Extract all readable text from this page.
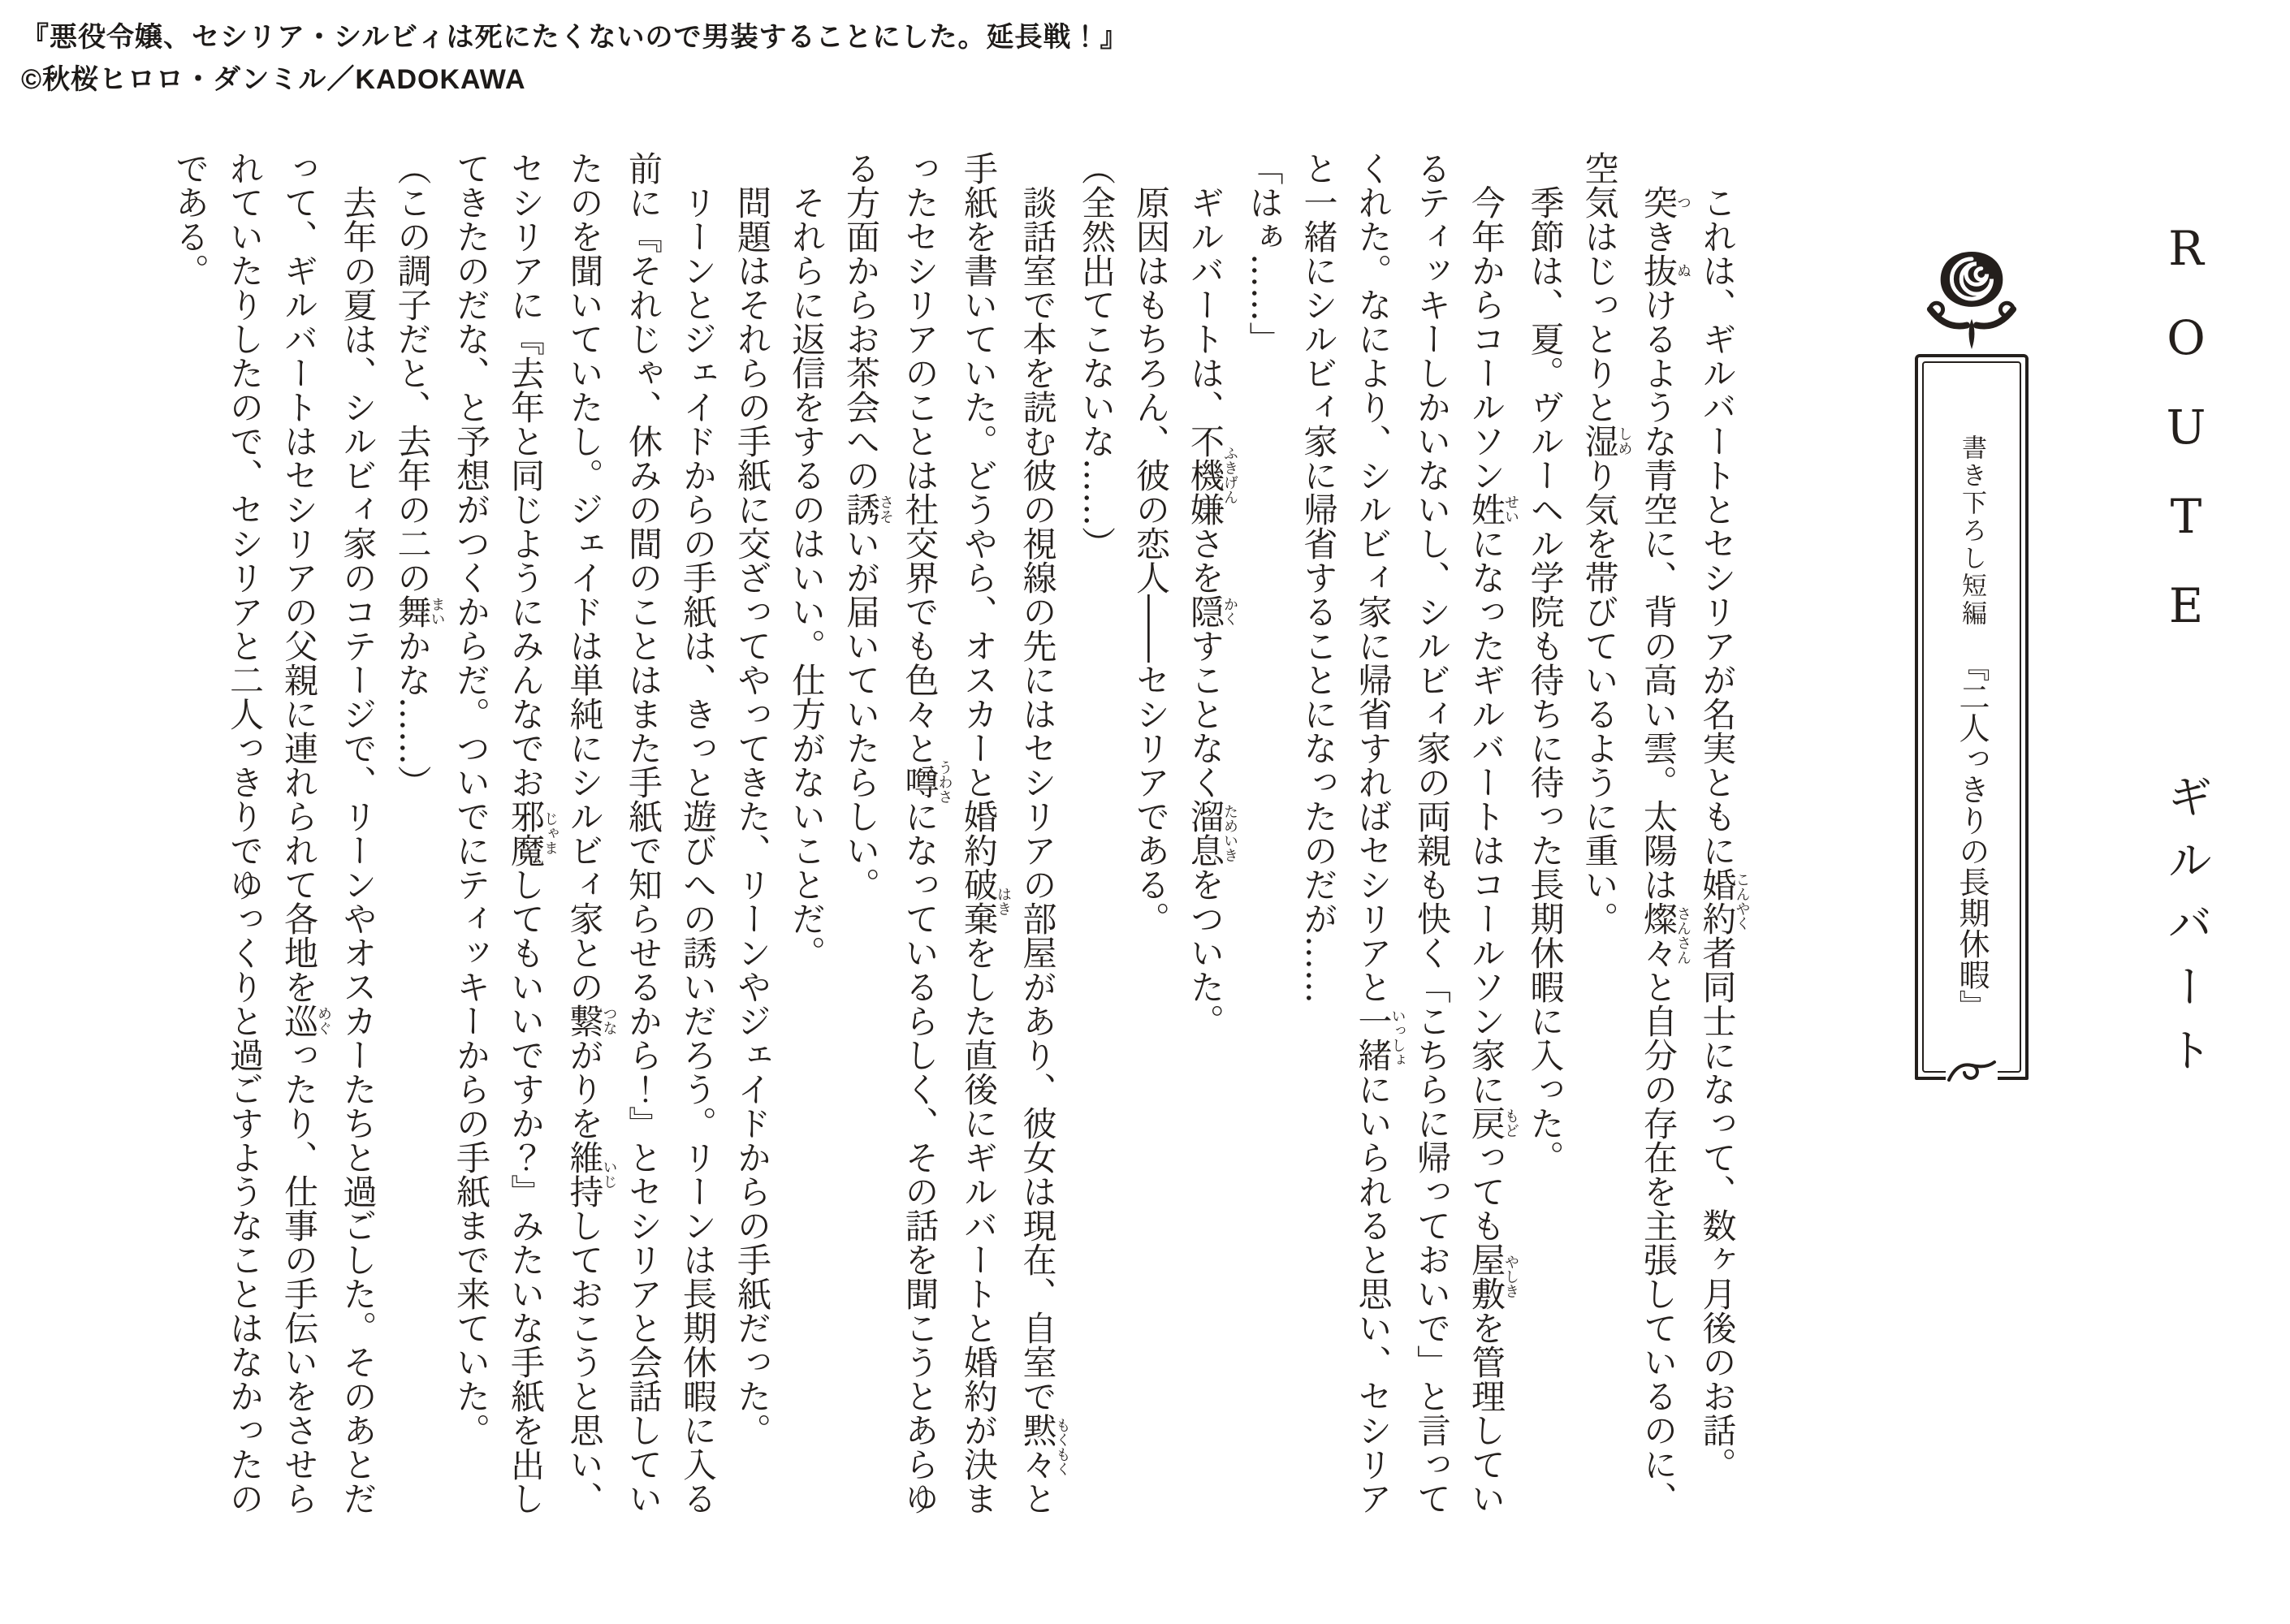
『悪役令嬢、セシリア・シルビィは死にたくないので男装することにした。延長戦！』
©秋桜ヒロロ・ダンミル／KADOKAWA
ROUTEギルバート
書き下ろし短編『二人っきりの長期休暇』
これは、ギルバートとセシリアが名実ともに婚約こんやく者同士になって、数ヶ月後のお話。
突つき抜ぬけるような青空に、背の高い雲。太陽は燦々さんさんと自分の存在を主張しているのに、
空気はじっとりと湿しめり気を帯びているように重い。
季節は、夏。ヴルーヘル学院も待ちに待った長期休暇に入った。
今年からコールソン姓せいになったギルバートはコールソン家に戻もどっても屋敷やしきを管理してい
るティッキーしかいないし、シルビィ家の両親も快く「こちらに帰っておいで」と言って
くれた。なにより、シルビィ家に帰省すればセシリアと一緒いっしょにいられると思い、セシリア
と一緒にシルビィ家に帰省することになったのだが……
「はぁ……」
ギルバートは、不機嫌ふきげんさを隠かくすことなく溜息ためいきをついた。
原因はもちろん、彼の恋人――セシリアである。
（全然出てこないな……）
談話室で本を読む彼の視線の先にはセシリアの部屋があり、彼女は現在、自室で黙々もくもくと
手紙を書いていた。どうやら、オスカーと婚約破棄はきをした直後にギルバートと婚約が決ま
ったセシリアのことは社交界でも色々と噂うわさになっているらしく、その話を聞こうとあらゆ
る方面からお茶会への誘さそいが届いていたらしい。
それらに返信をするのはいい。仕方がないことだ。
問題はそれらの手紙に交ざってやってきた、リーンやジェイドからの手紙だった。
リーンとジェイドからの手紙は、きっと遊びへの誘いだろう。リーンは長期休暇に入る
前に『それじゃ、休みの間のことはまた手紙で知らせるから！』とセシリアと会話してい
たのを聞いていたし。ジェイドは単純にシルビィ家との繋つながりを維持いじしておこうと思い、
セシリアに『去年と同じようにみんなでお邪魔じゃましてもいいですか？』みたいな手紙を出し
てきたのだな、と予想がつくからだ。ついでにティッキーからの手紙まで来ていた。
（この調子だと、去年の二の舞まいかな……）
去年の夏は、シルビィ家のコテージで、リーンやオスカーたちと過ごした。そのあとだ
って、ギルバートはセシリアの父親に連れられて各地を巡めぐったり、仕事の手伝いをさせら
れていたりしたので、セシリアと二人っきりでゆっくりと過ごすようなことはなかったの
である。
